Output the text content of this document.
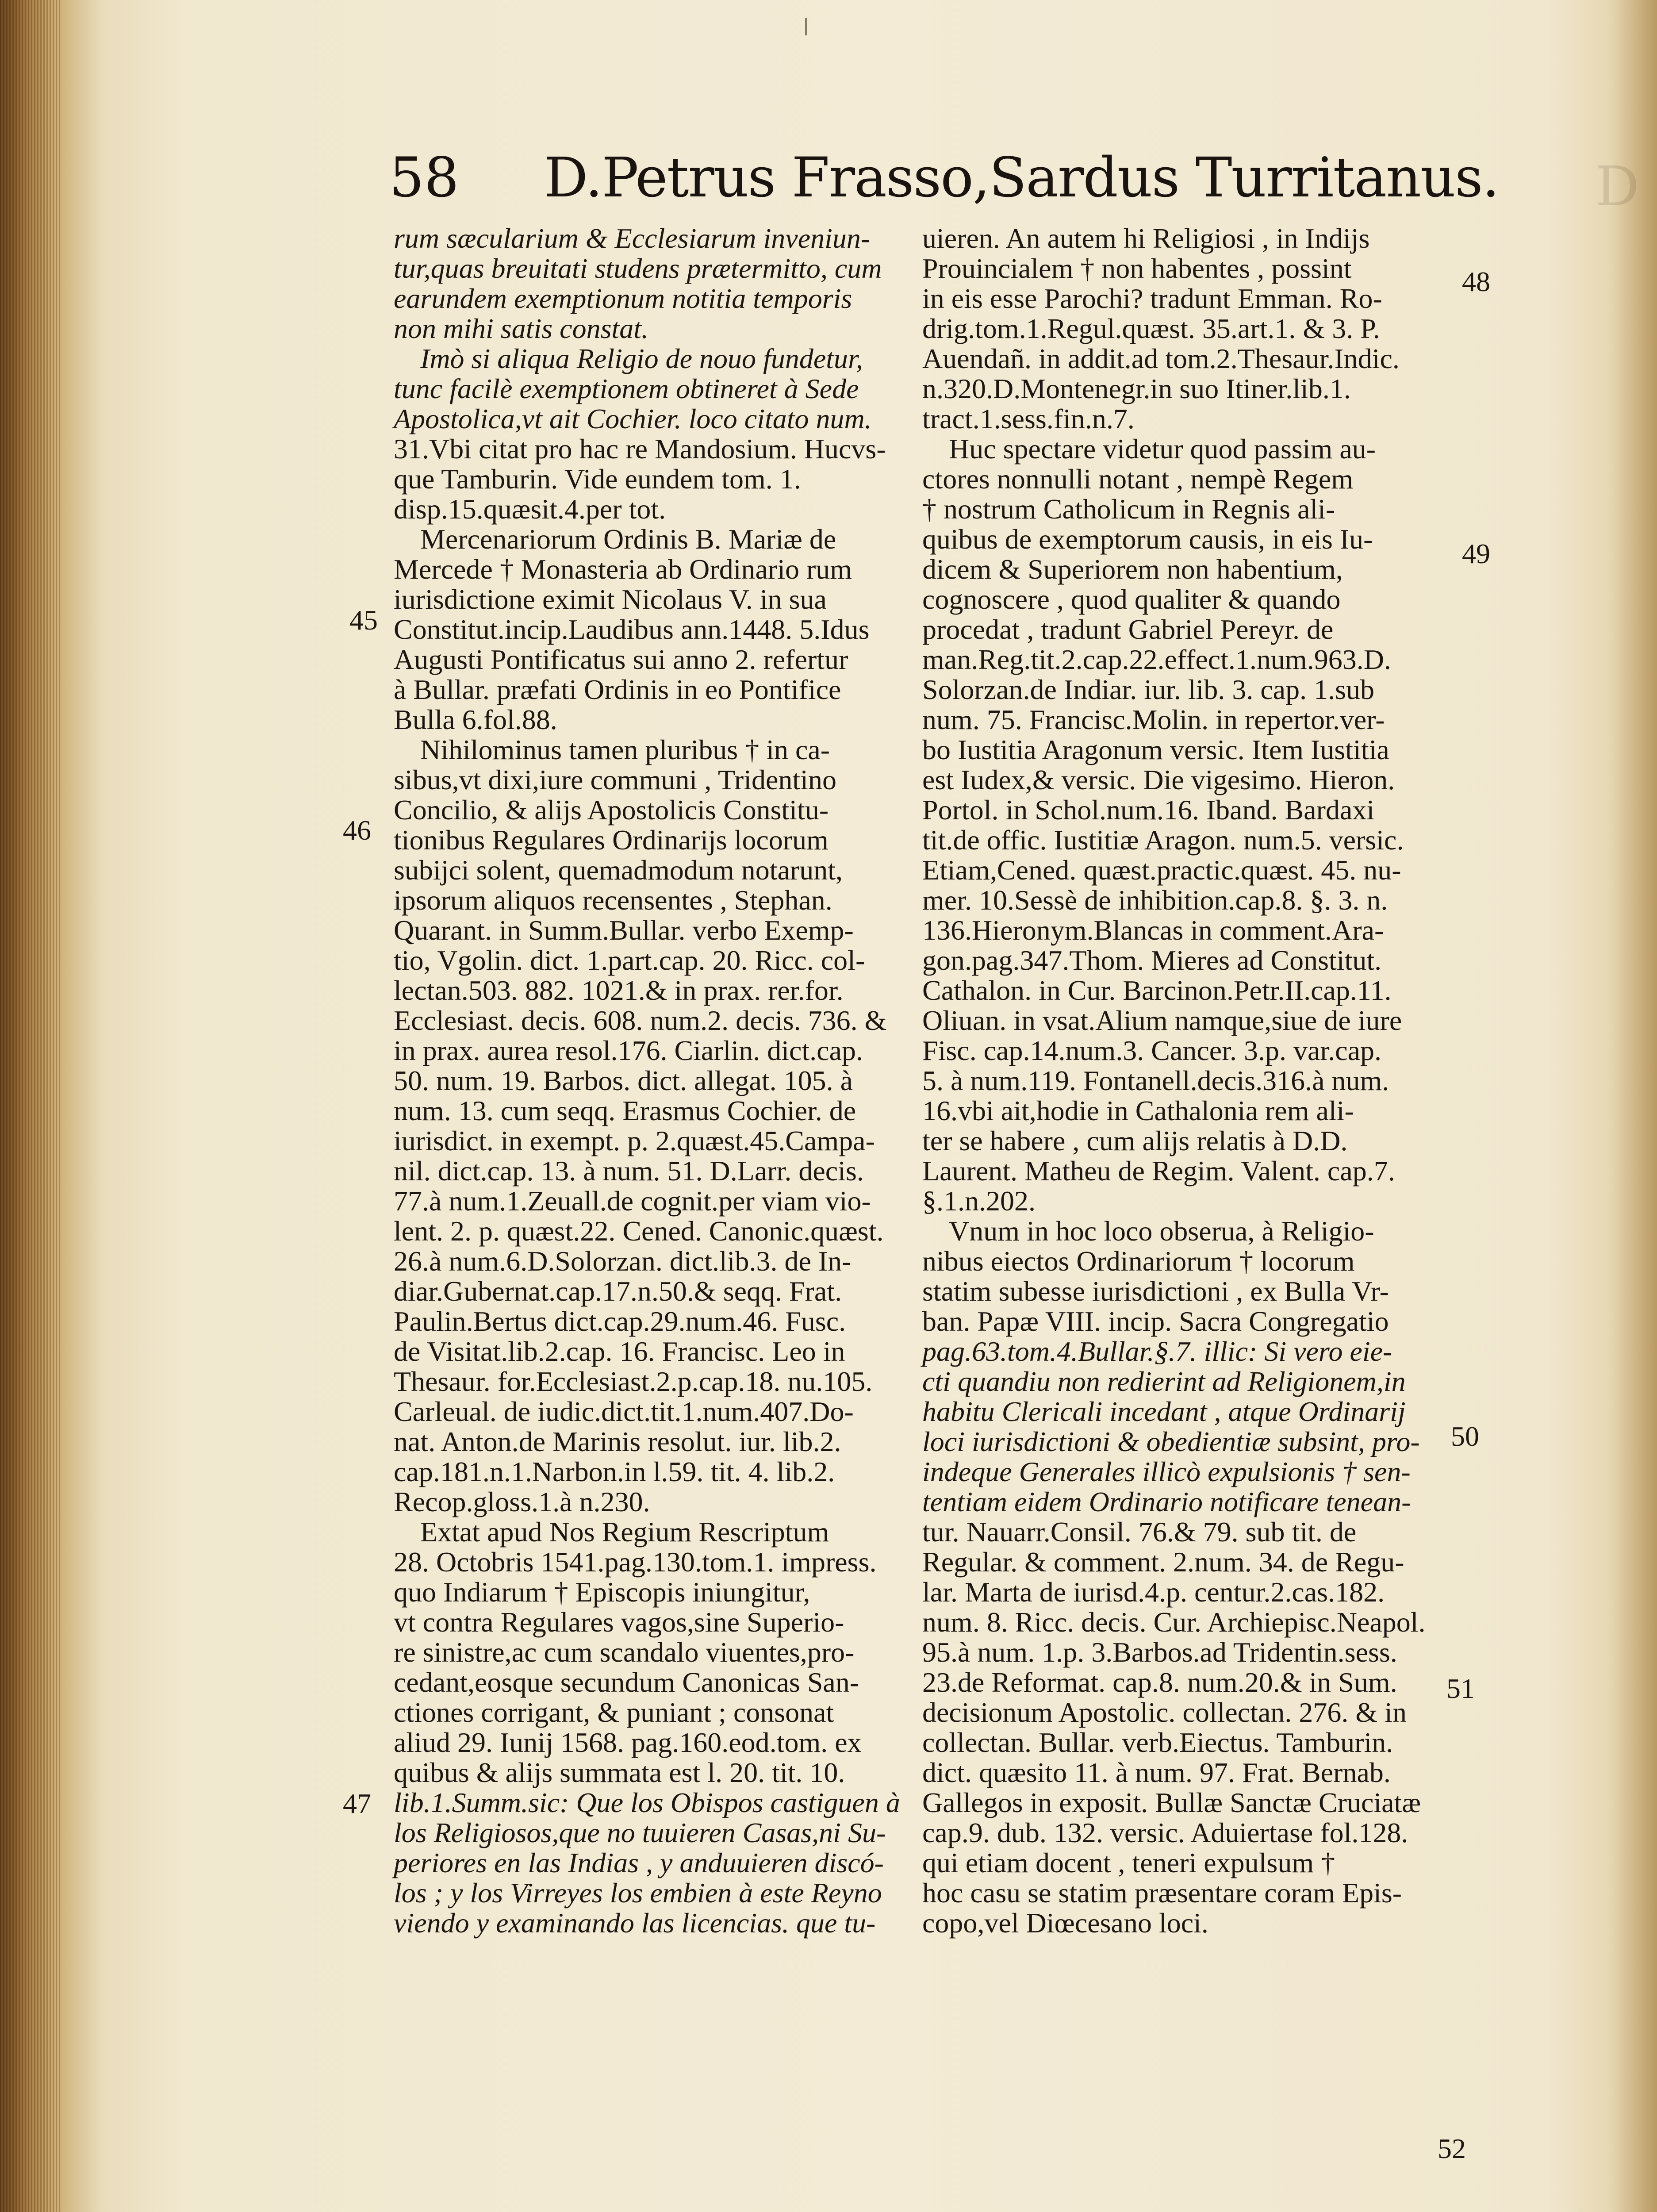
58 D.Petrus Frasso,Sardus Turritanus. D

rum sæcularium & Ecclesiarum inveniun-

tur,quas breuitati studens prætermitto, cum

earundem exemptionum notitia temporis

non mihi satis constat.

Imò si aliqua Religio de nouo fundetur,

tunc facilè exemptionem obtineret à Sede

Apostolica,vt ait Cochier. loco citato num.

31.Vbi citat pro hac re Mandosium. Hucvs-

que Tamburin. Vide eundem tom. 1.

disp.15.quæsit.4.per tot.

Mercenariorum Ordinis B. Mariæ de

Mercede † Monasteria ab Ordinario rum

iurisdictione eximit Nicolaus V. in sua

Constitut.incip.Laudibus ann.1448. 5.Idus

Augusti Pontificatus sui anno 2. refertur

à Bullar. præfati Ordinis in eo Pontifice

Bulla 6.fol.88.

Nihilominus tamen pluribus † in ca-

sibus,vt dixi,iure communi , Tridentino

Concilio, & alijs Apostolicis Constitu-

tionibus Regulares Ordinarijs locorum

subijci solent, quemadmodum notarunt,

ipsorum aliquos recensentes , Stephan.

Quarant. in Summ.Bullar. verbo Exemp-

tio, Vgolin. dict. 1.part.cap. 20. Ricc. col-

lectan.503. 882. 1021.& in prax. rer.for.

Ecclesiast. decis. 608. num.2. decis. 736. &

in prax. aurea resol.176. Ciarlin. dict.cap.

50. num. 19. Barbos. dict. allegat. 105. à

num. 13. cum seqq. Erasmus Cochier. de

iurisdict. in exempt. p. 2.quæst.45.Campa-

nil. dict.cap. 13. à num. 51. D.Larr. decis.

77.à num.1.Zeuall.de cognit.per viam vio-

lent. 2. p. quæst.22. Cened. Canonic.quæst.

26.à num.6.D.Solorzan. dict.lib.3. de In-

diar.Gubernat.cap.17.n.50.& seqq. Frat.

Paulin.Bertus dict.cap.29.num.46. Fusc.

de Visitat.lib.2.cap. 16. Francisc. Leo in

Thesaur. for.Ecclesiast.2.p.cap.18. nu.105.

Carleual. de iudic.dict.tit.1.num.407.Do-

nat. Anton.de Marinis resolut. iur. lib.2.

cap.181.n.1.Narbon.in l.59. tit. 4. lib.2.

Recop.gloss.1.à n.230.

Extat apud Nos Regium Rescriptum

28. Octobris 1541.pag.130.tom.1. impress.

quo Indiarum † Episcopis iniungitur,

vt contra Regulares vagos,sine Superio-

re sinistre,ac cum scandalo viuentes,pro-

cedant,eosque secundum Canonicas San-

ctiones corrigant, & puniant ; consonat

aliud 29. Iunij 1568. pag.160.eod.tom. ex

quibus & alijs summata est l. 20. tit. 10.

lib.1.Summ.sic: Que los Obispos castiguen à

los Religiosos,que no tuuieren Casas,ni Su-

periores en las Indias , y anduuieren discó-

los ; y los Virreyes los embien à este Reyno

viendo y examinando las licencias. que tu-

uieren. An autem hi Religiosi , in Indijs

Prouincialem † non habentes , possint

in eis esse Parochi? tradunt Emman. Ro-

drig.tom.1.Regul.quæst. 35.art.1. & 3. P.

Auendañ. in addit.ad tom.2.Thesaur.Indic.

n.320.D.Montenegr.in suo Itiner.lib.1.

tract.1.sess.fin.n.7.

Huc spectare videtur quod passim au-

ctores nonnulli notant , nempè Regem

† nostrum Catholicum in Regnis ali-

quibus de exemptorum causis, in eis Iu-

dicem & Superiorem non habentium,

cognoscere , quod qualiter & quando

procedat , tradunt Gabriel Pereyr. de

man.Reg.tit.2.cap.22.effect.1.num.963.D.

Solorzan.de Indiar. iur. lib. 3. cap. 1.sub

num. 75. Francisc.Molin. in repertor.ver-

bo Iustitia Aragonum versic. Item Iustitia

est Iudex,& versic. Die vigesimo. Hieron.

Portol. in Schol.num.16. Iband. Bardaxi

tit.de offic. Iustitiæ Aragon. num.5. versic.

Etiam,Cened. quæst.practic.quæst. 45. nu-

mer. 10.Sessè de inhibition.cap.8. §. 3. n.

136.Hieronym.Blancas in comment.Ara-

gon.pag.347.Thom. Mieres ad Constitut.

Cathalon. in Cur. Barcinon.Petr.II.cap.11.

Oliuan. in vsat.Alium namque,siue de iure

Fisc. cap.14.num.3. Cancer. 3.p. var.cap.

5. à num.119. Fontanell.decis.316.à num.

16.vbi ait,hodie in Cathalonia rem ali-

ter se habere , cum alijs relatis à D.D.

Laurent. Matheu de Regim. Valent. cap.7.

§.1.n.202.

Vnum in hoc loco obserua, à Religio-

nibus eiectos Ordinariorum † locorum

statim subesse iurisdictioni , ex Bulla Vr-

ban. Papæ VIII. incip. Sacra Congregatio

pag.63.tom.4.Bullar.§.7. illic: Si vero eie-

cti quandiu non redierint ad Religionem,in

habitu Clericali incedant , atque Ordinarij

loci iurisdictioni & obedientiæ subsint, pro-

indeque Generales illicò expulsionis † sen-

tentiam eidem Ordinario notificare tenean-

tur. Nauarr.Consil. 76.& 79. sub tit. de

Regular. & comment. 2.num. 34. de Regu-

lar. Marta de iurisd.4.p. centur.2.cas.182.

num. 8. Ricc. decis. Cur. Archiepisc.Neapol.

95.à num. 1.p. 3.Barbos.ad Tridentin.sess.

23.de Reformat. cap.8. num.20.& in Sum.

decisionum Apostolic. collectan. 276. & in

collectan. Bullar. verb.Eiectus. Tamburin.

dict. quæsito 11. à num. 97. Frat. Bernab.

Gallegos in exposit. Bullæ Sanctæ Cruciatæ

cap.9. dub. 132. versic. Aduiertase fol.128.

qui etiam docent , teneri expulsum †

hoc casu se statim præsentare coram Epis-

copo,vel Diœcesano loci.

45
46
47
48
49
50
51
52
